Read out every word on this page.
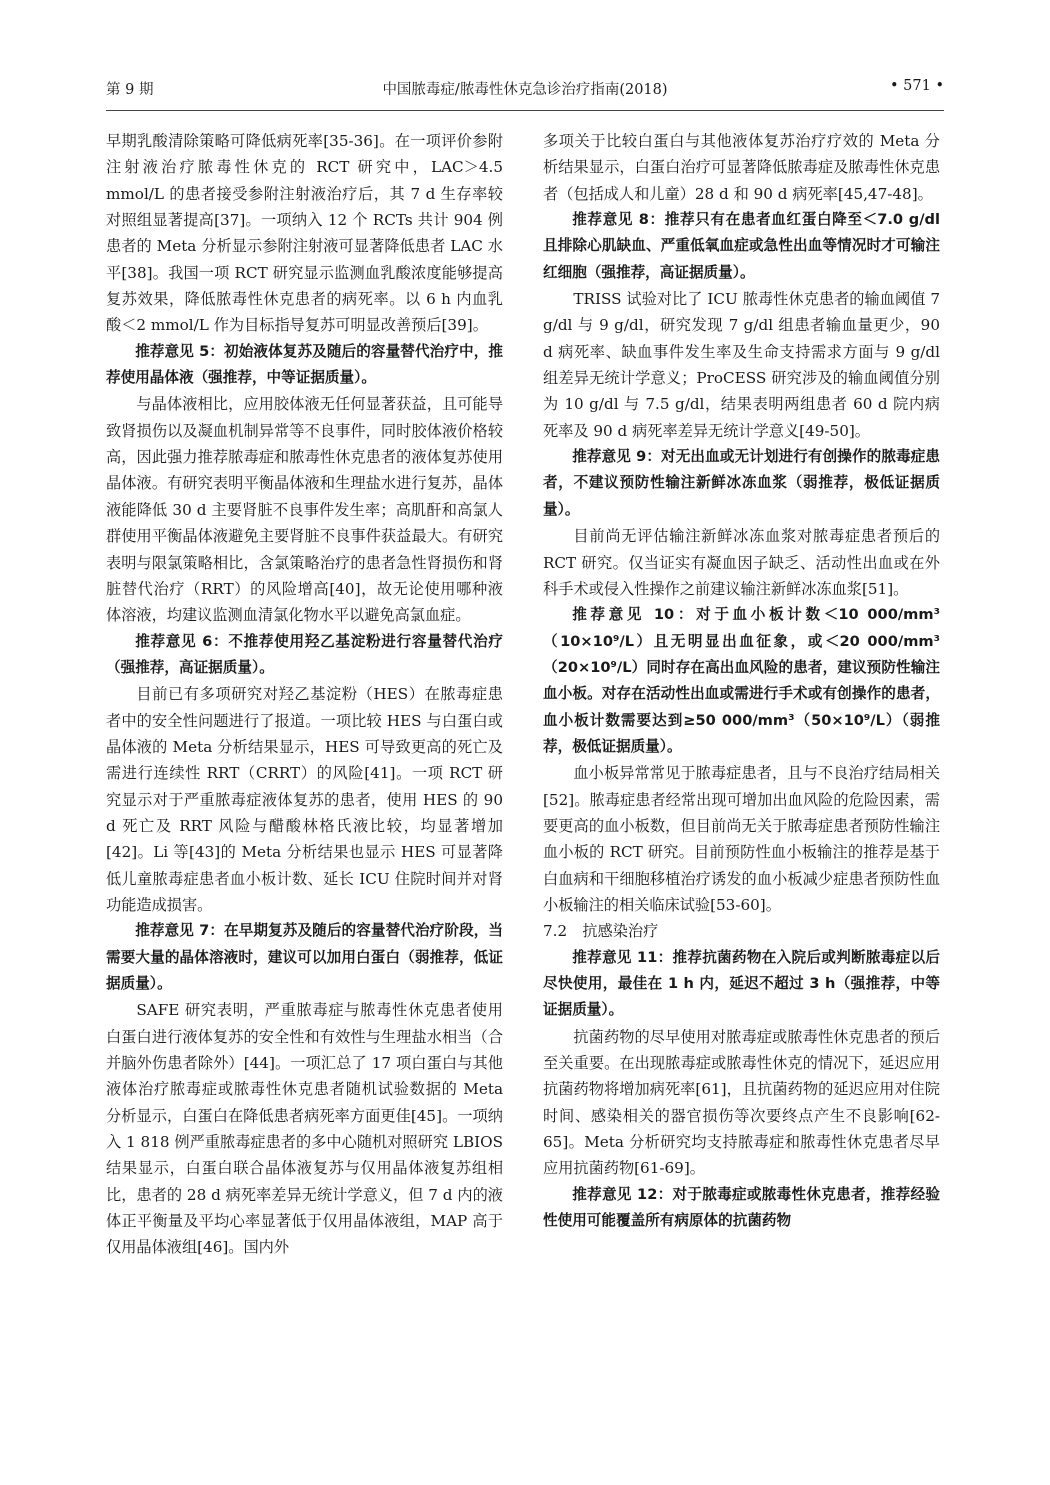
第 9 期	中国脓毒症/脓毒性休克急诊治疗指南(2018)	• 571 •

早期乳酸清除策略可降低病死率[35-36]。在一项评价参附注射液治疗脓毒性休克的 RCT 研究中，LAC＞4.5 mmol/L 的患者接受参附注射液治疗后，其 7 d 生存率较对照组显著提高[37]。一项纳入 12 个 RCTs 共计 904 例患者的 Meta 分析显示参附注射液可显著降低患者 LAC 水平[38]。我国一项 RCT 研究显示监测血乳酸浓度能够提高复苏效果，降低脓毒性休克患者的病死率。以 6 h 内血乳酸＜2 mmol/L 作为目标指导复苏可明显改善预后[39]。

推荐意见 5：初始液体复苏及随后的容量替代治疗中，推荐使用晶体液（强推荐，中等证据质量）。

与晶体液相比，应用胶体液无任何显著获益，且可能导致肾损伤以及凝血机制异常等不良事件，同时胶体液价格较高，因此强力推荐脓毒症和脓毒性休克患者的液体复苏使用晶体液。有研究表明平衡晶体液和生理盐水进行复苏，晶体液能降低 30 d 主要肾脏不良事件发生率；高肌酐和高氯人群使用平衡晶体液避免主要肾脏不良事件获益最大。有研究表明与限氯策略相比，含氯策略治疗的患者急性肾损伤和肾脏替代治疗（RRT）的风险增高[40]，故无论使用哪种液体溶液，均建议监测血清氯化物水平以避免高氯血症。

推荐意见 6：不推荐使用羟乙基淀粉进行容量替代治疗（强推荐，高证据质量）。

目前已有多项研究对羟乙基淀粉（HES）在脓毒症患者中的安全性问题进行了报道。一项比较 HES 与白蛋白或晶体液的 Meta 分析结果显示，HES 可导致更高的死亡及需进行连续性 RRT（CRRT）的风险[41]。一项 RCT 研究显示对于严重脓毒症液体复苏的患者，使用 HES 的 90 d 死亡及 RRT 风险与醋酸林格氏液比较，均显著增加[42]。Li 等[43]的 Meta 分析结果也显示 HES 可显著降低儿童脓毒症患者血小板计数、延长 ICU 住院时间并对肾功能造成损害。

推荐意见 7：在早期复苏及随后的容量替代治疗阶段，当需要大量的晶体溶液时，建议可以加用白蛋白（弱推荐，低证据质量）。

SAFE 研究表明，严重脓毒症与脓毒性休克患者使用白蛋白进行液体复苏的安全性和有效性与生理盐水相当（合并脑外伤患者除外）[44]。一项汇总了 17 项白蛋白与其他液体治疗脓毒症或脓毒性休克患者随机试验数据的 Meta 分析显示，白蛋白在降低患者病死率方面更佳[45]。一项纳入 1 818 例严重脓毒症患者的多中心随机对照研究 LBIOS 结果显示，白蛋白联合晶体液复苏与仅用晶体液复苏组相比，患者的 28 d 病死率差异无统计学意义，但 7 d 内的液体正平衡量及平均心率显著低于仅用晶体液组，MAP 高于仅用晶体液组[46]。国内外

多项关于比较白蛋白与其他液体复苏治疗疗效的 Meta 分析结果显示，白蛋白治疗可显著降低脓毒症及脓毒性休克患者（包括成人和儿童）28 d 和 90 d 病死率[45,47-48]。

推荐意见 8：推荐只有在患者血红蛋白降至＜7.0 g/dl 且排除心肌缺血、严重低氧血症或急性出血等情况时才可输注红细胞（强推荐，高证据质量）。

TRISS 试验对比了 ICU 脓毒性休克患者的输血阈值 7 g/dl 与 9 g/dl，研究发现 7 g/dl 组患者输血量更少，90 d 病死率、缺血事件发生率及生命支持需求方面与 9 g/dl 组差异无统计学意义；ProCESS 研究涉及的输血阈值分别为 10 g/dl 与 7.5 g/dl，结果表明两组患者 60 d 院内病死率及 90 d 病死率差异无统计学意义[49-50]。

推荐意见 9：对无出血或无计划进行有创操作的脓毒症患者，不建议预防性输注新鲜冰冻血浆（弱推荐，极低证据质量）。

目前尚无评估输注新鲜冰冻血浆对脓毒症患者预后的 RCT 研究。仅当证实有凝血因子缺乏、活动性出血或在外科手术或侵入性操作之前建议输注新鲜冰冻血浆[51]。

推荐意见 10：对于血小板计数＜10 000/mm³（10×10⁹/L）且无明显出血征象，或＜20 000/mm³（20×10⁹/L）同时存在高出血风险的患者，建议预防性输注血小板。对存在活动性出血或需进行手术或有创操作的患者，血小板计数需要达到≥50 000/mm³（50×10⁹/L）（弱推荐，极低证据质量）。

血小板异常常见于脓毒症患者，且与不良治疗结局相关[52]。脓毒症患者经常出现可增加出血风险的危险因素，需要更高的血小板数，但目前尚无关于脓毒症患者预防性输注血小板的 RCT 研究。目前预防性血小板输注的推荐是基于白血病和干细胞移植治疗诱发的血小板减少症患者预防性血小板输注的相关临床试验[53-60]。

7.2　抗感染治疗

推荐意见 11：推荐抗菌药物在入院后或判断脓毒症以后尽快使用，最佳在 1 h 内，延迟不超过 3 h（强推荐，中等证据质量）。

抗菌药物的尽早使用对脓毒症或脓毒性休克患者的预后至关重要。在出现脓毒症或脓毒性休克的情况下，延迟应用抗菌药物将增加病死率[61]，且抗菌药物的延迟应用对住院时间、感染相关的器官损伤等次要终点产生不良影响[62-65]。Meta 分析研究均支持脓毒症和脓毒性休克患者尽早应用抗菌药物[61-69]。

推荐意见 12：对于脓毒症或脓毒性休克患者，推荐经验性使用可能覆盖所有病原体的抗菌药物
